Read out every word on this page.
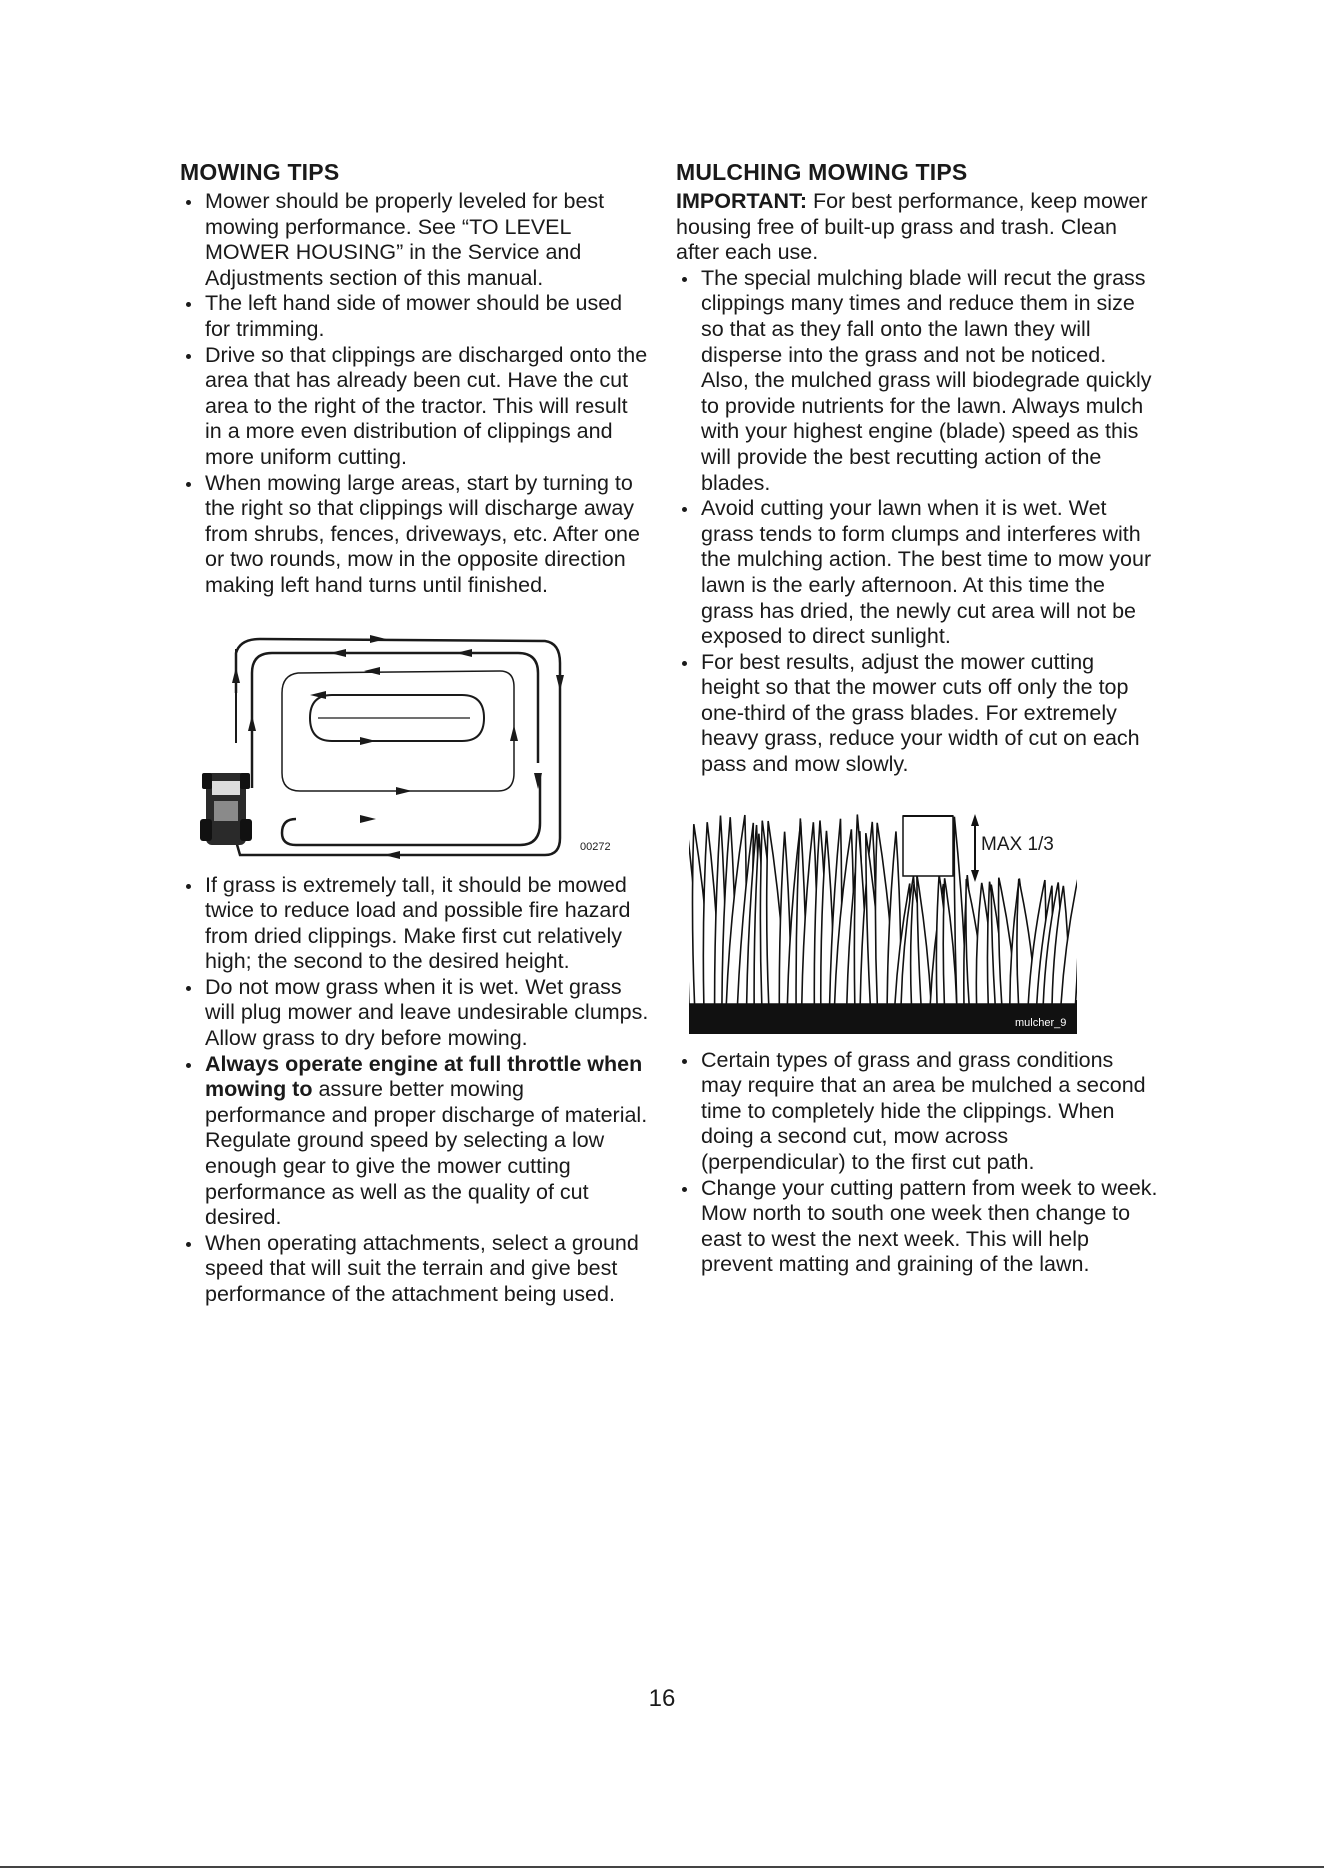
MOWING TIPS
Mower should be properly leveled for best mowing performance. See “TO LEVEL MOWER HOUSING” in the Service and Adjustments section of this manual.
The left hand side of mower should be used for trimming.
Drive so that clippings are discharged onto the area that has already been cut. Have the cut area to the right of the tractor. This will result in a more even distribution of clippings and more uniform cutting.
When mowing large areas, start by turning to the right so that clippings will discharge away from shrubs, fences, driveways, etc. After one or two rounds, mow in the opposite direction making left hand turns until finished.
00272
If grass is extremely tall, it should be mowed twice to reduce load and possible fire hazard from dried clippings. Make first cut relatively high; the second to the desired height.
Do not mow grass when it is wet. Wet grass will plug mower and leave undesirable clumps. Allow grass to dry before mowing.
Always operate engine at full throttle when mowing to assure better mowing performance and proper discharge of material. Regulate ground speed by selecting a low enough gear to give the mower cutting performance as well as the quality of cut desired.
When operating attachments, select a ground speed that will suit the terrain and give best performance of the attachment being used.
MULCHING MOWING TIPS
IMPORTANT: For best performance, keep mower housing free of built-up grass and trash. Clean after each use.
The special mulching blade will recut the grass clippings many times and reduce them in size so that as they fall onto the lawn they will disperse into the grass and not be noticed. Also, the mulched grass will biodegrade quickly to provide nutrients for the lawn. Always mulch with your highest engine (blade) speed as this will provide the best recutting action of the blades.
Avoid cutting your lawn when it is wet. Wet grass tends to form clumps and interferes with the mulching action. The best time to mow your lawn is the early afternoon. At this time the grass has dried, the newly cut area will not be exposed to direct sunlight.
For best results, adjust the mower cutting height so that the mower cuts off only the top one-third of the grass blades. For extremely heavy grass, reduce your width of cut on each pass and mow slowly.
MAX 1/3
mulcher_9
Certain types of grass and grass conditions may require that an area be mulched a second time to completely hide the clippings. When doing a second cut, mow across (perpendicular) to the first cut path.
Change your cutting pattern from week to week. Mow north to south one week then change to east to west the next week. This will help prevent matting and graining of the lawn.
16
